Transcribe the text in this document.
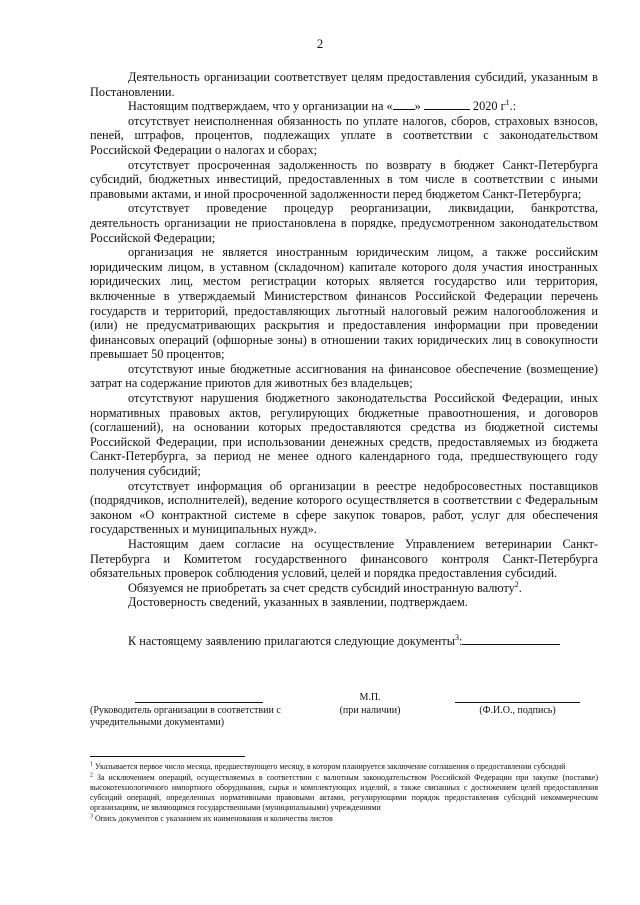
2

Деятельность организации соответствует целям предоставления субсидий, указанным в Постановлении.

Настоящим подтверждаем, что у организации на « »	2020 $г^1$.:

отсутствует неисполненная обязанность по уплате налогов, сборов, страховых взносов, пеней, штрафов, процентов, подлежащих уплате в соответствии с законодательством Российской Федерации о налогах и сборах;

отсутствует просроченная задолженность по возврату в бюджет Санкт-Петербурга субсидий, бюджетных инвестиций, предоставленных в том числе в соответствии с иными правовыми актами, и иной просроченной задолженности перед бюджетом Санкт-Петербурга;

отсутствует проведение процедур реорганизации, ликвидации, банкротства, деятельность организации не приостановлена в порядке, предусмотренном законодательством Российской Федерации;

организация не является иностранным юридическим лицом, а также российским юридическим лицом, в уставном (складочном) капитале которого доля участия иностранных юридических лиц, местом регистрации которых является государство или территория, включенные в утверждаемый Министерством финансов Российской Федерации перечень государств и территорий, предоставляющих льготный налоговый режим налогообложения и (или) не предусматривающих раскрытия и предоставления информации при проведении финансовых операций (офшорные зоны) в отношении таких юридических лиц в совокупности превышает 50 процентов;

отсутствуют иные бюджетные ассигнования на финансовое обеспечение (возмещение) затрат на содержание приютов для животных без владельцев;

отсутствуют нарушения бюджетного законодательства Российской Федерации, иных нормативных правовых актов, регулирующих бюджетные правоотношения, и договоров (соглашений), на основании которых предоставляются средства из бюджетной системы Российской Федерации, при использовании денежных средств, предоставляемых из бюджета Санкт-Петербурга, за период не менее одного календарного года, предшествующего году получения субсидий;

отсутствует информация об организации в реестре недобросовестных поставщиков (подрядчиков, исполнителей), ведение которого осуществляется в соответствии с Федеральным законом «О контрактной системе в сфере закупок товаров, работ, услуг для обеспечения государственных и муниципальных нужд».

Настоящим даем согласие на осуществление Управлением ветеринарии Санкт-Петербурга и Комитетом государственного финансового контроля Санкт-Петербурга обязательных проверок соблюдения условий, целей и порядка предоставления субсидий.

Обязуемся не приобретать за счет средств субсидий иностранную валюту$^2$.

Достоверность сведений, указанных в заявлении, подтверждаем.

К настоящему заявлению прилагаются следующие документы$^3$:

(Руководитель организации в соответствии с учредительными документами)
М.П.
(при наличии)	(Ф.И.О., подпись)

$^1$ Указывается первое число месяца, предшествующего месяцу, в котором планируется заключение соглашения о предоставлении субсидий

$^2$ За исключением операций, осуществляемых в соответствии с валютным законодательством Российской Федерации при закупке (поставке) высокотехнологичного импортного оборудования, сырья и комплектующих изделий, а также связанных с достижением целей предоставления субсидий операций, определенных нормативными правовыми актами, регулирующими порядок предоставления субсидий некоммерческим организациям, не являющимся государственными (муниципальными) учреждениями

$^3$ Опись документов с указанием их наименования и количества листов
